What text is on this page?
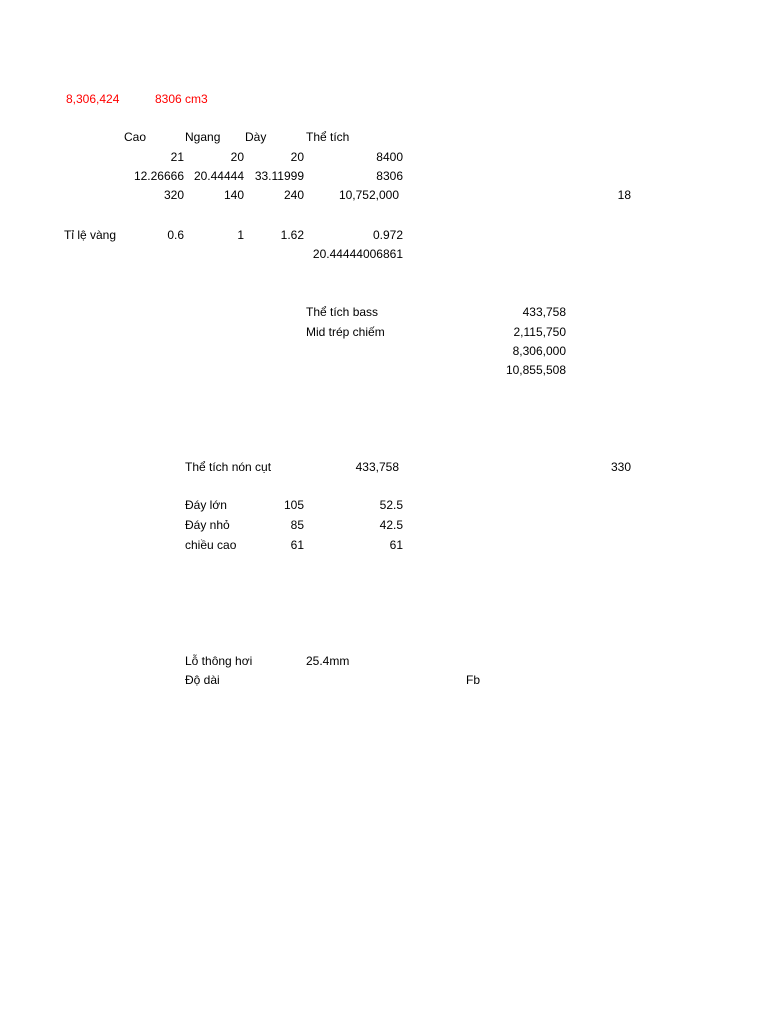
8,306,424	8306 cm3
Cao	Ngang Dày	Thể tích
21	20	20	8400
12.26666 20.44444 33.11999	8306
320	140	240	10,752,000	18
Tỉ lệ vàng	0.6	1	1.62	0.972
20.44444006861
Thể tích bass	433,758
Mid trép chiếm	2,115,750
8,306,000
10,855,508
Thể tích nón cụt	433,758	330
Đáy lớn	105	52.5
Đáy nhỏ	85	42.5
chiều cao	61	61
Lỗ thông hơi	25.4mm
Độ dài	Fb
